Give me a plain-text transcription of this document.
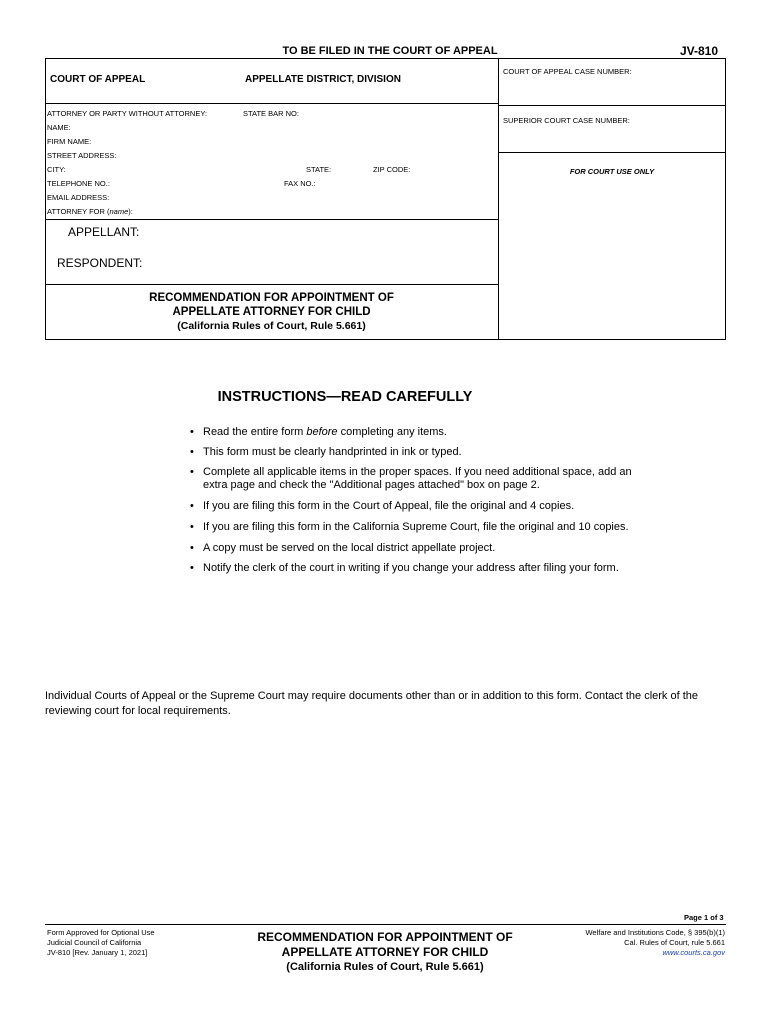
TO BE FILED IN THE COURT OF APPEAL	JV-810
COURT OF APPEAL	APPELLATE DISTRICT, DIVISION
ATTORNEY OR PARTY WITHOUT ATTORNEY:	STATE BAR NO:
NAME:
FIRM NAME:
STREET ADDRESS:
CITY:	STATE:	ZIP CODE:
TELEPHONE NO.:	FAX NO.:
EMAIL ADDRESS:
ATTORNEY FOR (name):
APPELLANT:
RESPONDENT:
RECOMMENDATION FOR APPOINTMENT OF
APPELLATE ATTORNEY FOR CHILD
(California Rules of Court, Rule 5.661)
COURT OF APPEAL CASE NUMBER:
SUPERIOR COURT CASE NUMBER:
FOR COURT USE ONLY
INSTRUCTIONS—READ CAREFULLY
• Read the entire form before completing any items.
• This form must be clearly handprinted in ink or typed.
• Complete all applicable items in the proper spaces. If you need additional space, add an extra page and check the "Additional pages attached" box on page 2.
• If you are filing this form in the Court of Appeal, file the original and 4 copies.
• If you are filing this form in the California Supreme Court, file the original and 10 copies.
• A copy must be served on the local district appellate project.
• Notify the clerk of the court in writing if you change your address after filing your form.
Individual Courts of Appeal or the Supreme Court may require documents other than or in addition to this form. Contact the clerk of the reviewing court for local requirements.
Page 1 of 3
Form Approved for Optional Use
Judicial Council of California
JV-810 [Rev. January 1, 2021]
RECOMMENDATION FOR APPOINTMENT OF
APPELLATE ATTORNEY FOR CHILD
(California Rules of Court, Rule 5.661)
Welfare and Institutions Code, § 395(b)(1)
Cal. Rules of Court, rule 5.661
www.courts.ca.gov
